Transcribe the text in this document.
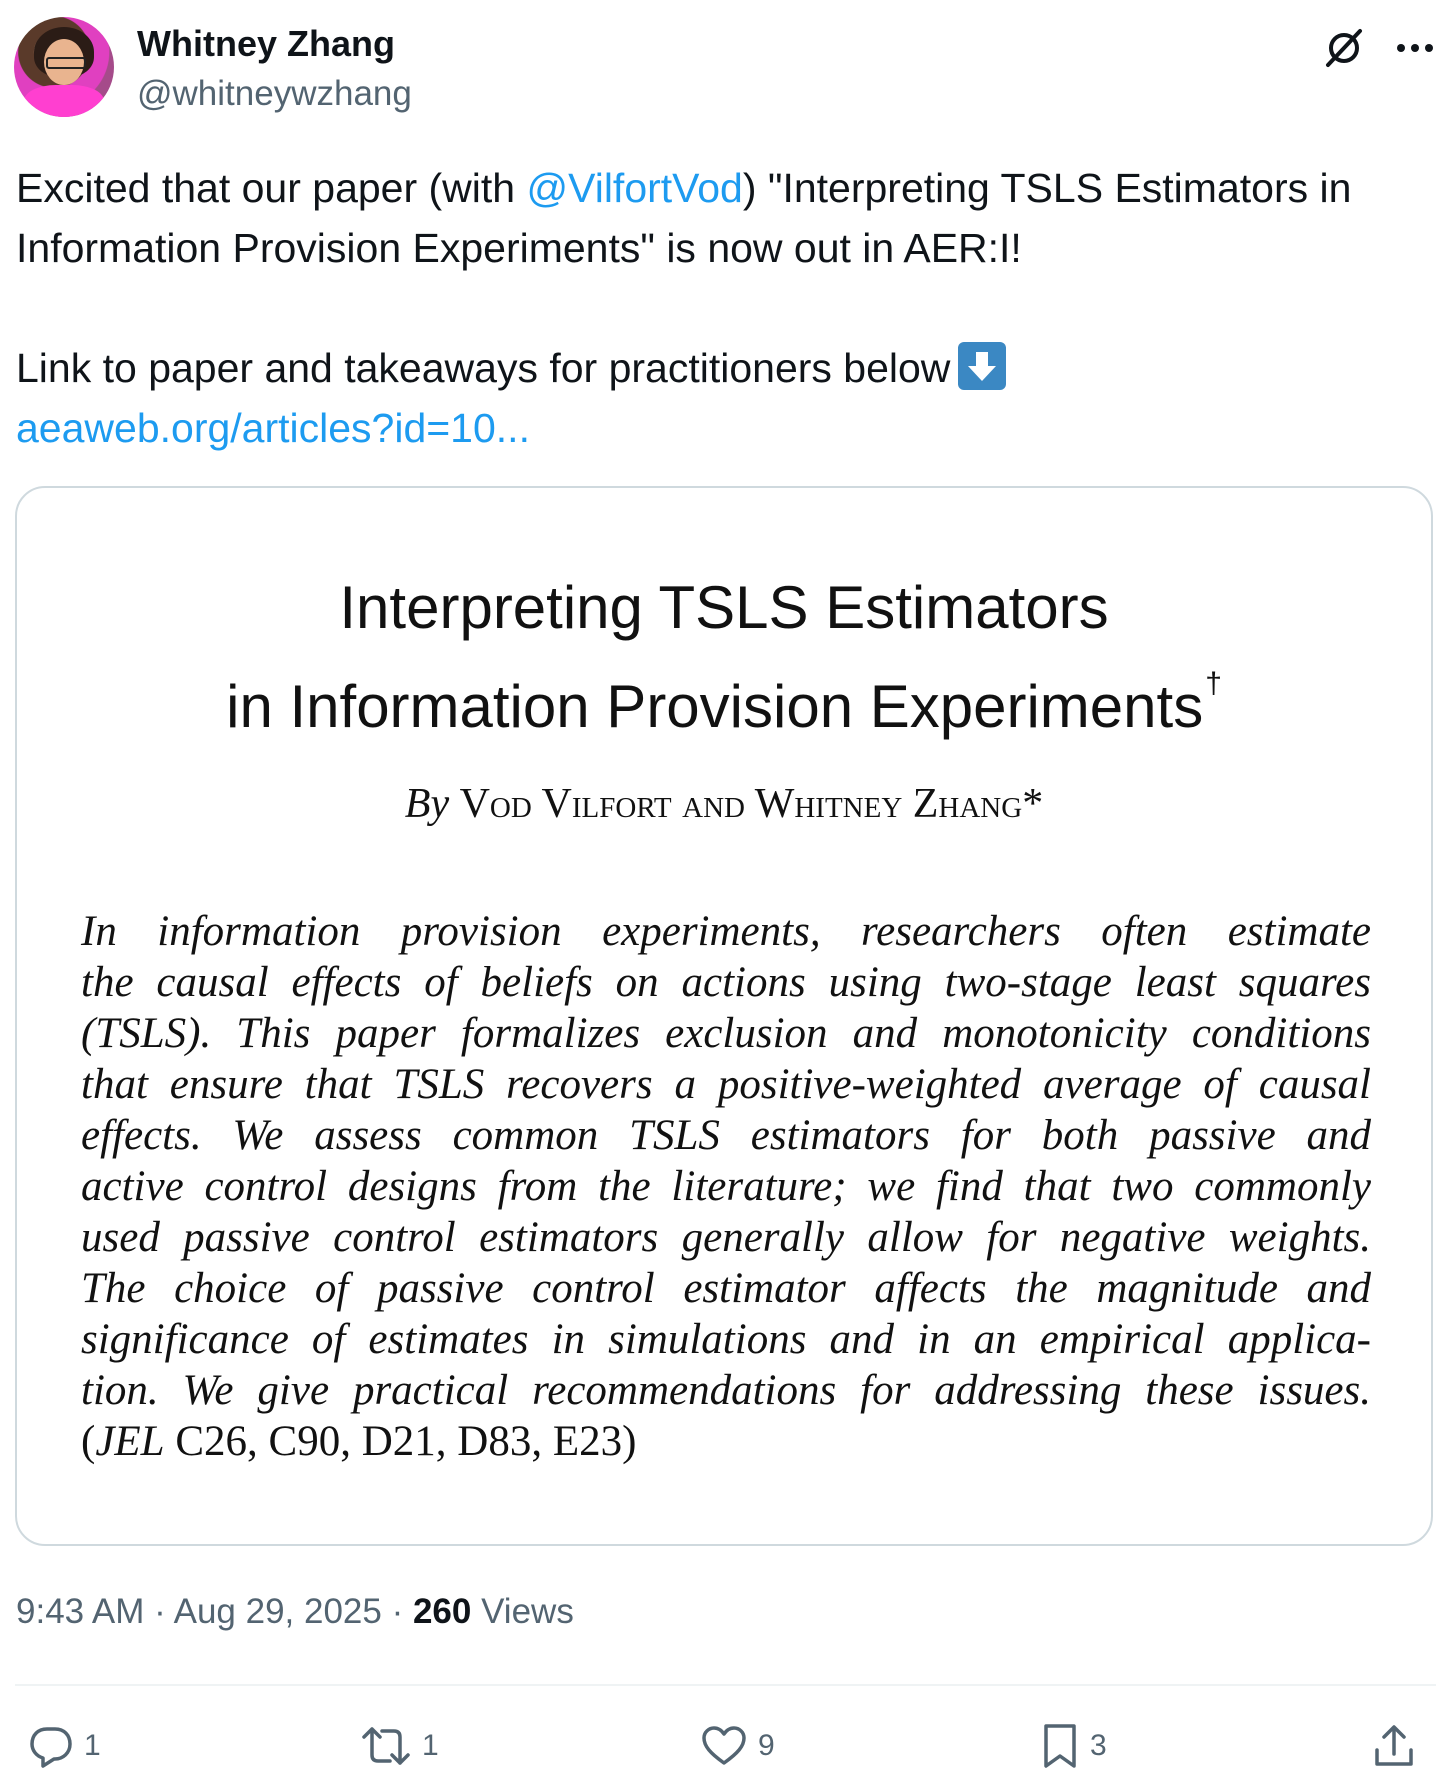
Whitney Zhang
@whitneywzhang
Excited that our paper (with @VilfortVod) "Interpreting TSLS Estimators in
Information Provision Experiments" is now out in AER:I!

Link to paper and takeaways for practitioners below
aeaweb.org/articles?id=10...
Interpreting TSLS Estimators
in Information Provision Experiments†
By Vod Vilfort and Whitney Zhang*
In information provision experiments, researchers often estimate
the causal effects of beliefs on actions using two-stage least squares
(TSLS). This paper formalizes exclusion and monotonicity conditions
that ensure that TSLS recovers a positive-weighted average of causal
effects. We assess common TSLS estimators for both passive and
active control designs from the literature; we find that two commonly
used passive control estimators generally allow for negative weights.
The choice of passive control estimator affects the magnitude and
significance of estimates in simulations and in an empirical applica-
tion. We give practical recommendations for addressing these issues.
(JEL C26, C90, D21, D83, E23)
9:43 AM · Aug 29, 2025 · 260 Views
1	1	9	3
